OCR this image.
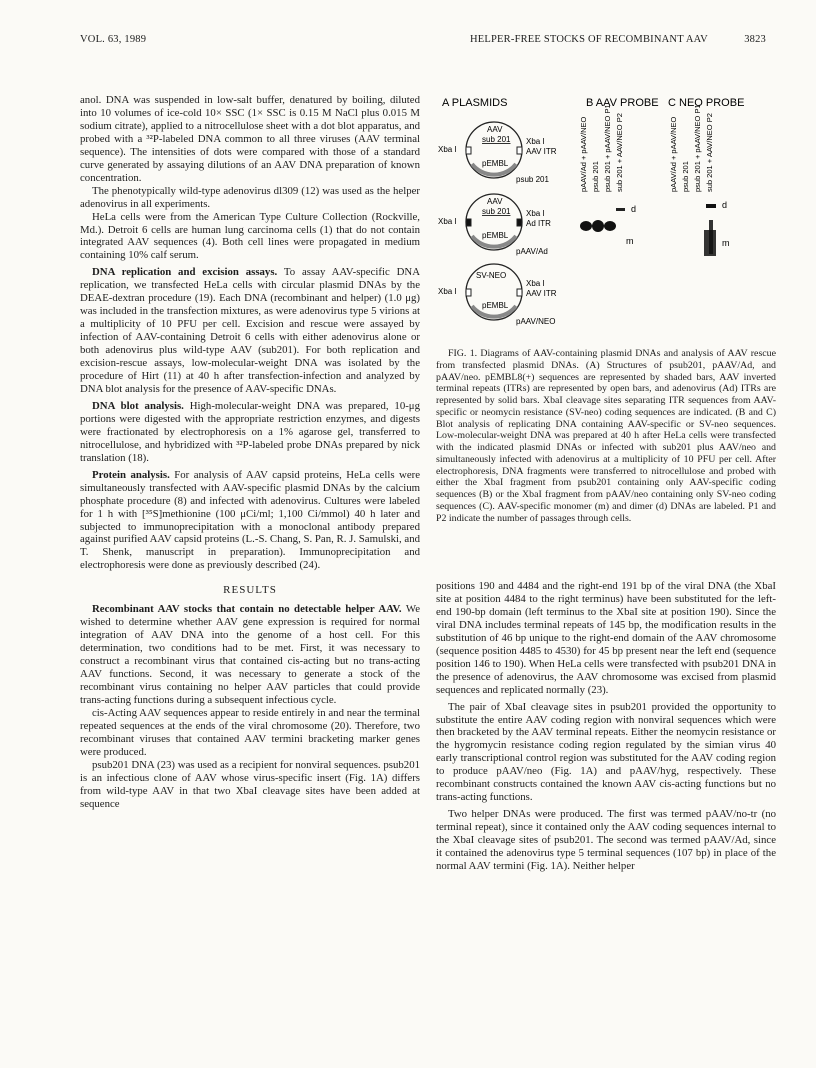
VOL. 63, 1989	HELPER-FREE STOCKS OF RECOMBINANT AAV	3823

anol. DNA was suspended in low-salt buffer, denatured by boiling, diluted into 10 volumes of ice-cold 10× SSC (1× SSC is 0.15 M NaCl plus 0.015 M sodium citrate), applied to a nitrocellulose sheet with a dot blot apparatus, and probed with a ³²P-labeled DNA common to all three viruses (AAV terminal sequence). The intensities of dots were compared with those of a standard curve generated by assaying dilutions of an AAV DNA preparation of known concentration.

The phenotypically wild-type adenovirus dl309 (12) was used as the helper adenovirus in all experiments.

HeLa cells were from the American Type Culture Collection (Rockville, Md.). Detroit 6 cells are human lung carcinoma cells (1) that do not contain integrated AAV sequences (4). Both cell lines were propagated in medium containing 10% calf serum.

DNA replication and excision assays. To assay AAV-specific DNA replication, we transfected HeLa cells with circular plasmid DNAs by the DEAE-dextran procedure (19). Each DNA (recombinant and helper) (1.0 μg) was included in the transfection mixtures, as were adenovirus type 5 virions at a multiplicity of 10 PFU per cell. Excision and rescue were assayed by infection of AAV-containing Detroit 6 cells with either adenovirus alone or both adenovirus plus wild-type AAV (sub201). For both replication and excision-rescue assays, low-molecular-weight DNA was isolated by the procedure of Hirt (11) at 40 h after transfection-infection and analyzed by DNA blot analysis for the presence of AAV-specific DNAs.

DNA blot analysis. High-molecular-weight DNA was prepared, 10-μg portions were digested with the appropriate restriction enzymes, and digests were fractionated by electrophoresis on a 1% agarose gel, transferred to nitrocellulose, and hybridized with ³²P-labeled probe DNAs prepared by nick translation (18).

Protein analysis. For analysis of AAV capsid proteins, HeLa cells were simultaneously transfected with AAV-specific plasmid DNAs by the calcium phosphate procedure (8) and infected with adenovirus. Cultures were labeled for 1 h with [³⁵S]methionine (100 μCi/ml; 1,100 Ci/mmol) 40 h later and subjected to immunoprecipitation with a monoclonal antibody prepared against purified AAV capsid proteins (L.-S. Chang, S. Pan, R. J. Samulski, and T. Shenk, manuscript in preparation). Immunoprecipitation and electrophoresis were done as previously described (24).

RESULTS

Recombinant AAV stocks that contain no detectable helper AAV. We wished to determine whether AAV gene expression is required for normal integration of AAV DNA into the genome of a host cell. For this determination, two conditions had to be met. First, it was necessary to construct a recombinant virus that contained cis-acting but no trans-acting AAV functions. Second, it was necessary to generate a stock of the recombinant virus containing no helper AAV particles that could provide trans-acting functions during a subsequent infectious cycle.

cis-Acting AAV sequences appear to reside entirely in and near the terminal repeated sequences at the ends of the viral chromosome (20). Therefore, two recombinant viruses that contained AAV termini bracketing marker genes were produced.

psub201 DNA (23) was used as a recipient for nonviral sequences. psub201 is an infectious clone of AAV whose virus-specific insert (Fig. 1A) differs from wild-type AAV in that two XbaI cleavage sites have been added at sequence

A PLASMIDS	B AAV PROBE C NEO PROBE
AAV
sub 201
pEMBL
Xba I
Xba I
AAV ITR
psub 201
AAV
sub 201
pEMBL
Xba I
Xba I
Ad ITR
pAAV/Ad
SV-NEO
pEMBL
Xba I
Xba I
AAV ITR
pAAV/NEO
pAAV/Ad + pAAV/NEO psub 201 psub 201 + pAAV/NEO P1 sub 201 + AAV/NEO P2
d
m
pAAV/Ad + pAAV/NEO psub 201 psub 201 + pAAV/NEO P1 sub 201 + AAV/NEO P2
d
m

FIG. 1. Diagrams of AAV-containing plasmid DNAs and analysis of AAV rescue from transfected plasmid DNAs. (A) Structures of psub201, pAAV/Ad, and pAAV/neo. pEMBL8(+) sequences are represented by shaded bars, AAV inverted terminal repeats (ITRs) are represented by open bars, and adenovirus (Ad) ITRs are represented by solid bars. XbaI cleavage sites separating ITR sequences from AAV-specific or neomycin resistance (SV-neo) coding sequences are indicated. (B and C) Blot analysis of replicating DNA containing AAV-specific or SV-neo sequences. Low-molecular-weight DNA was prepared at 40 h after HeLa cells were transfected with the indicated plasmid DNAs or infected with sub201 plus AAV/neo and simultaneously infected with adenovirus at a multiplicity of 10 PFU per cell. After electrophoresis, DNA fragments were transferred to nitrocellulose and probed with either the XbaI fragment from psub201 containing only AAV-specific coding sequences (B) or the XbaI fragment from pAAV/neo containing only SV-neo coding sequences (C). AAV-specific monomer (m) and dimer (d) DNAs are labeled. P1 and P2 indicate the number of passages through cells.

positions 190 and 4484 and the right-end 191 bp of the viral DNA (the XbaI site at position 4484 to the right terminus) have been substituted for the left-end 190-bp domain (left terminus to the XbaI site at position 190). Since the viral DNA includes terminal repeats of 145 bp, the modification results in the substitution of 46 bp unique to the right-end domain of the AAV chromosome (sequence position 4485 to 4530) for 45 bp present near the left end (sequence position 146 to 190). When HeLa cells were transfected with psub201 DNA in the presence of adenovirus, the AAV chromosome was excised from plasmid sequences and replicated normally (23).

The pair of XbaI cleavage sites in psub201 provided the opportunity to substitute the entire AAV coding region with nonviral sequences which were then bracketed by the AAV terminal repeats. Either the neomycin resistance or the hygromycin resistance coding region regulated by the simian virus 40 early transcriptional control region was substituted for the AAV coding region to produce pAAV/neo (Fig. 1A) and pAAV/hyg, respectively. These recombinant constructs contained the known AAV cis-acting functions but no trans-acting functions.

Two helper DNAs were produced. The first was termed pAAV/no-tr (no terminal repeat), since it contained only the AAV coding sequences internal to the XbaI cleavage sites of psub201. The second was termed pAAV/Ad, since it contained the adenovirus type 5 terminal sequences (107 bp) in place of the normal AAV termini (Fig. 1A). Neither helper
